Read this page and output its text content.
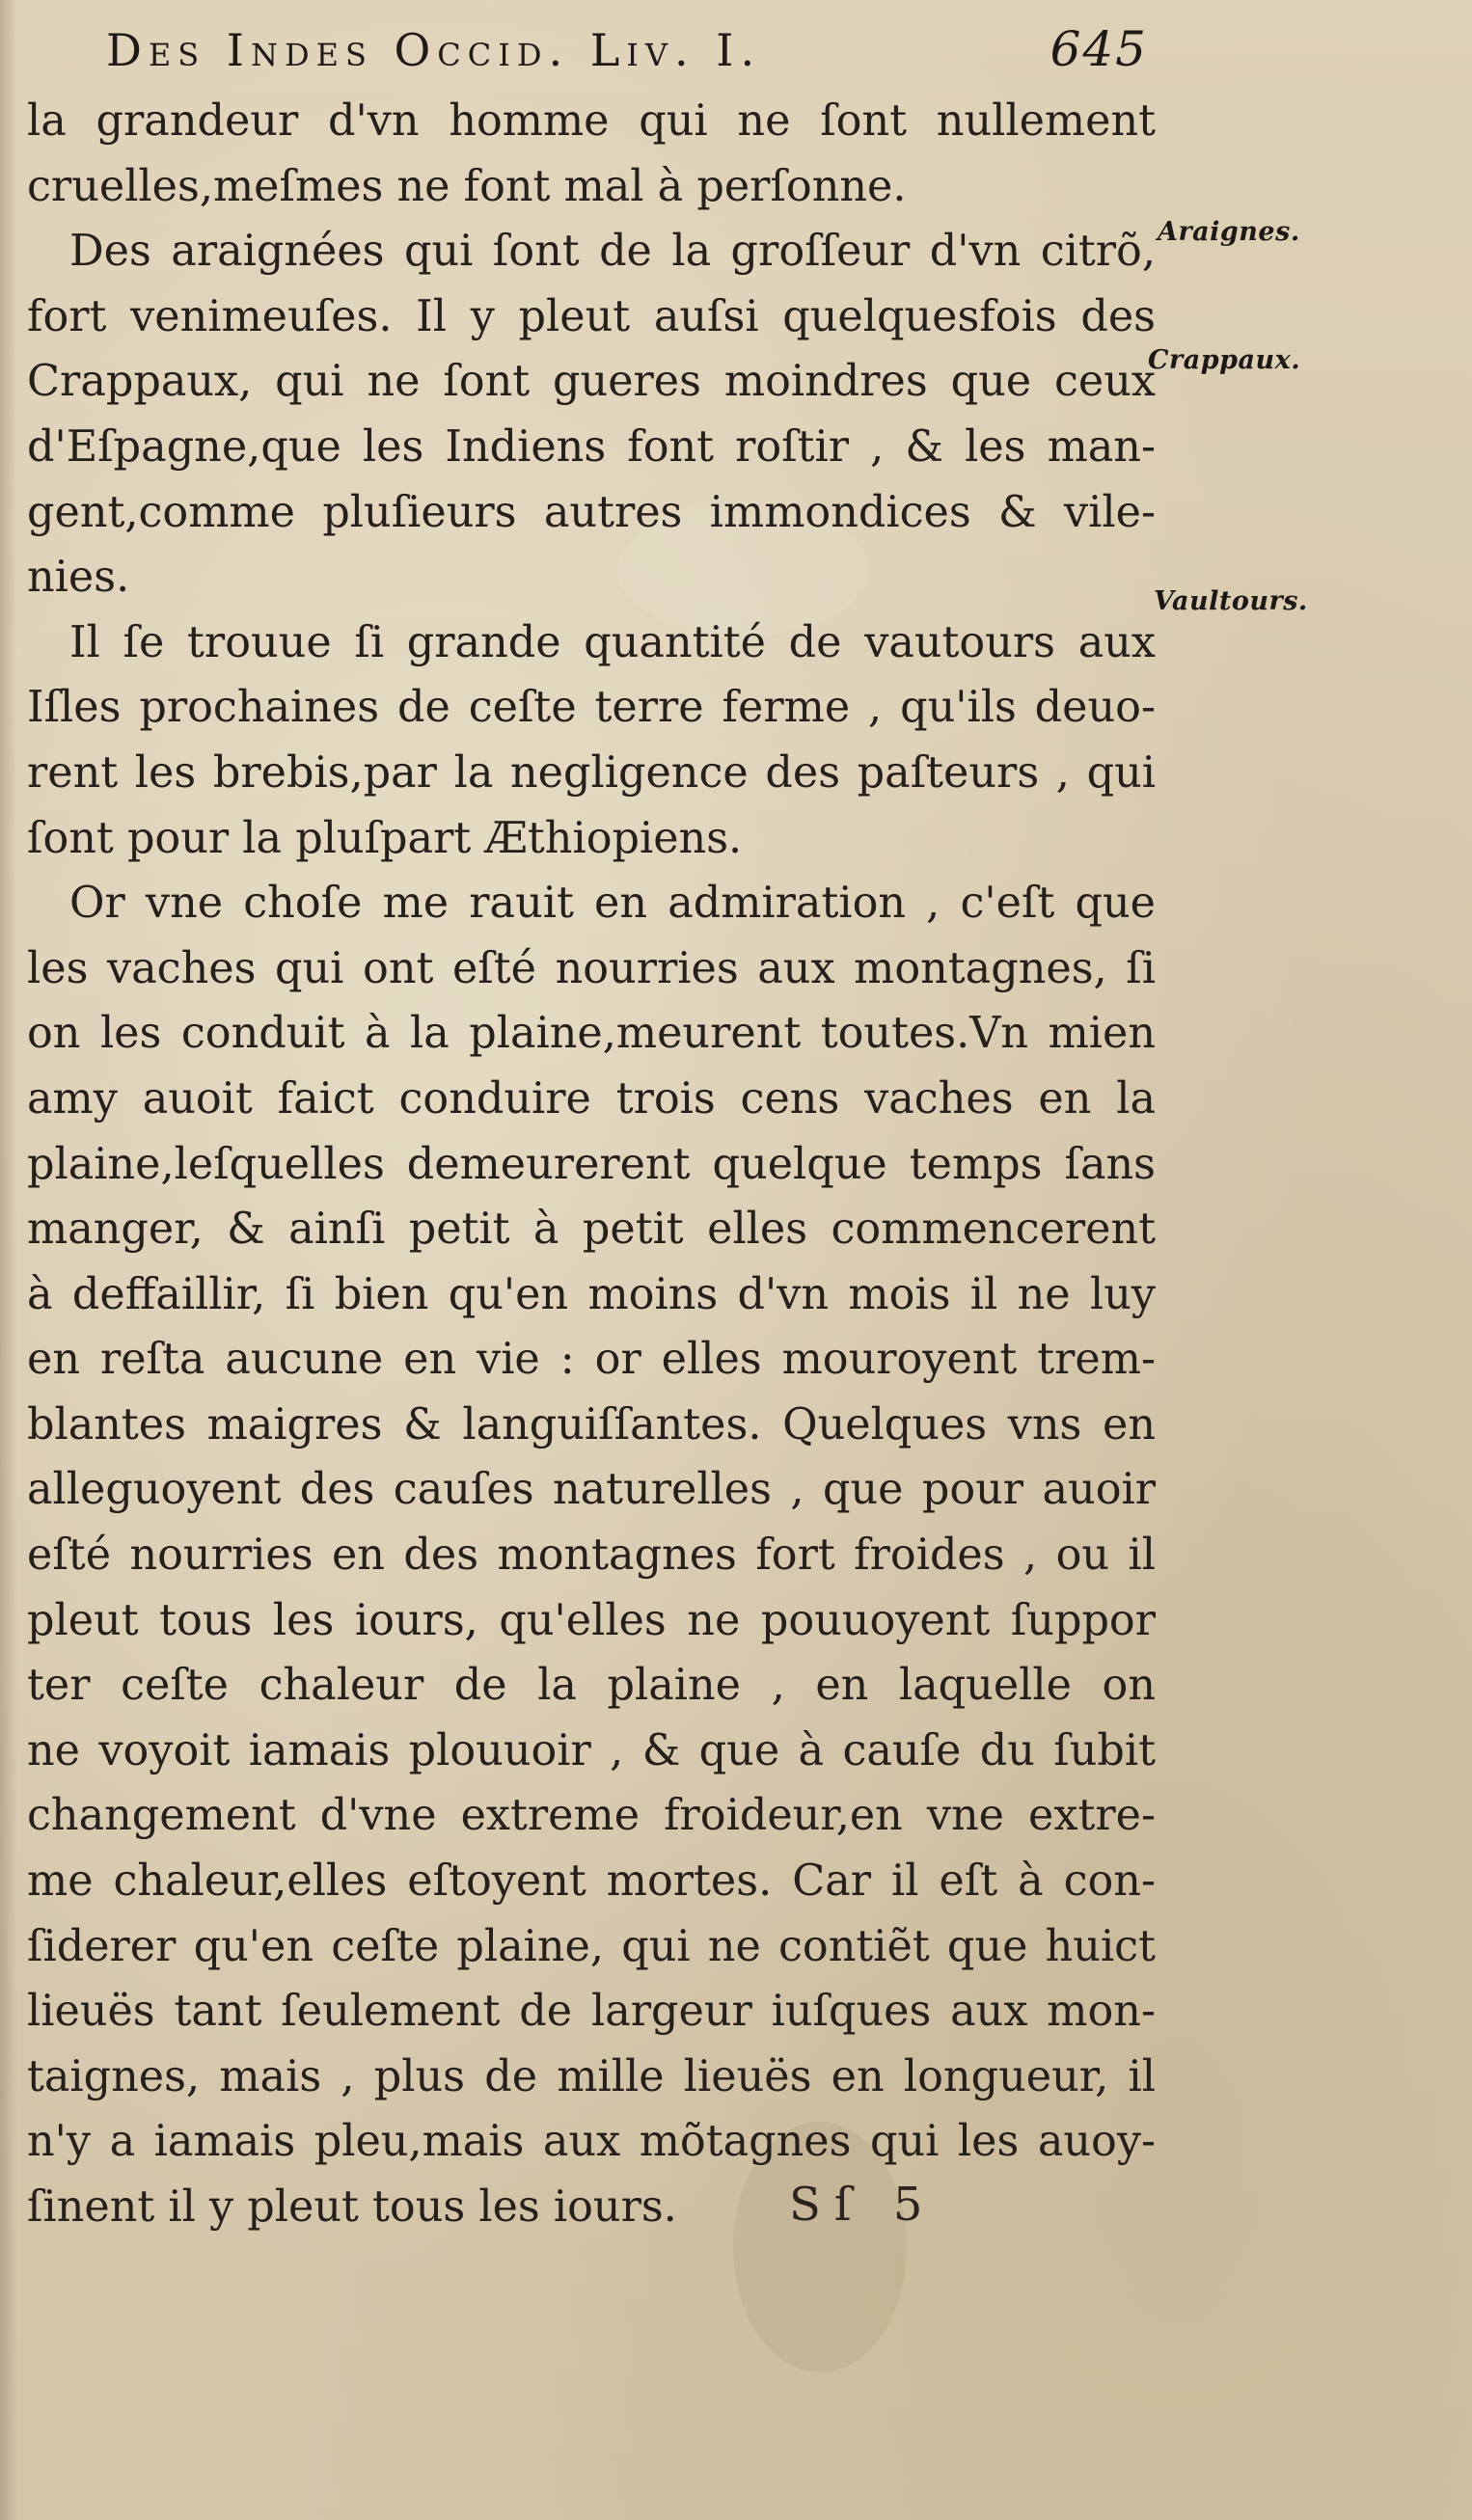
Des Indes Occid. Liv. I.	645
la grandeur d'vn homme qui ne ſont nullement
cruelles,meſmes ne font mal à perſonne.
Des araignées qui ſont de la groſſeur d'vn citrõ,
fort venimeuſes. Il y pleut auſsi quelquesfois des
Crappaux, qui ne ſont gueres moindres que ceux
d'Eſpagne,que les Indiens font roſtir , & les man-
gent,comme pluſieurs autres immondices & vile-
nies.
Il ſe trouue ſi grande quantité de vautours aux
Iſles prochaines de ceſte terre ferme , qu'ils deuo-
rent les brebis,par la negligence des paſteurs , qui
ſont pour la pluſpart Æthiopiens.
Or vne choſe me rauit en admiration , c'eſt que
les vaches qui ont eſté nourries aux montagnes, ſi
on les conduit à la plaine,meurent toutes.Vn mien
amy auoit faict conduire trois cens vaches en la
plaine,leſquelles demeurerent quelque temps ſans
manger, & ainſi petit à petit elles commencerent
à deffaillir, ſi bien qu'en moins d'vn mois il ne luy
en reſta aucune en vie : or elles mouroyent trem-
blantes maigres & languiſſantes. Quelques vns en
alleguoyent des cauſes naturelles , que pour auoir
eſté nourries en des montagnes fort froides , ou il
pleut tous les iours, qu'elles ne pouuoyent ſuppor
ter ceſte chaleur de la plaine , en laquelle on
ne voyoit iamais plouuoir , & que à cauſe du ſubit
changement d'vne extreme froideur,en vne extre-
me chaleur,elles eſtoyent mortes. Car il eſt à con-
ſiderer qu'en ceſte plaine, qui ne contiẽt que huict
lieuës tant ſeulement de largeur iuſques aux mon-
taignes, mais , plus de mille lieuës en longueur, il
n'y a iamais pleu,mais aux mõtagnes qui les auoy-
ſinent il y pleut tous les iours.
Araignes.
Crappaux.
Vaultours.
Sſ 5
